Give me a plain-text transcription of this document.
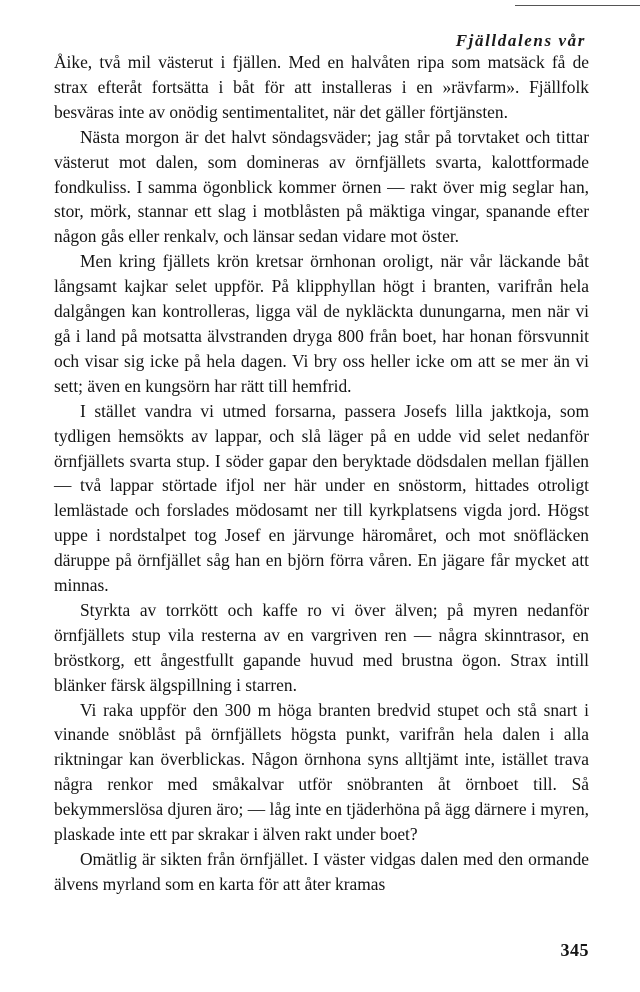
Fjälldalens vår

Åike, två mil västerut i fjällen. Med en halvåten ripa som matsäck få de strax efteråt fortsätta i båt för att installeras i en »rävfarm». Fjällfolk besväras inte av onödig sentimentalitet, när det gäller förtjänsten.

Nästa morgon är det halvt söndagsväder; jag står på torvtaket och tittar västerut mot dalen, som domineras av örnfjällets svarta, kalottformade fondkuliss. I samma ögonblick kommer örnen — rakt över mig seglar han, stor, mörk, stannar ett slag i motblåsten på mäktiga vingar, spanande efter någon gås eller renkalv, och länsar sedan vidare mot öster.

Men kring fjällets krön kretsar örnhonan oroligt, när vår läckande båt långsamt kajkar selet uppför. På klipphyllan högt i branten, varifrån hela dalgången kan kontrolleras, ligga väl de nykläckta dunungarna, men när vi gå i land på motsatta älvstranden dryga 800 från boet, har honan försvunnit och visar sig icke på hela dagen. Vi bry oss heller icke om att se mer än vi sett; även en kungsörn har rätt till hemfrid.

I stället vandra vi utmed forsarna, passera Josefs lilla jaktkoja, som tydligen hemsökts av lappar, och slå läger på en udde vid selet nedanför örnfjällets svarta stup. I söder gapar den beryktade dödsdalen mellan fjällen — två lappar störtade ifjol ner här under en snöstorm, hittades otroligt lemlästade och forslades mödosamt ner till kyrkplatsens vigda jord. Högst uppe i nordstalpet tog Josef en järvunge häromåret, och mot snöfläcken däruppe på örnfjället såg han en björn förra våren. En jägare får mycket att minnas.

Styrkta av torrkött och kaffe ro vi över älven; på myren nedanför örnfjällets stup vila resterna av en vargriven ren — några skinntrasor, en bröstkorg, ett ångestfullt gapande huvud med brustna ögon. Strax intill blänker färsk älgspillning i starren.

Vi raka uppför den 300 m höga branten bredvid stupet och stå snart i vinande snöblåst på örnfjällets högsta punkt, varifrån hela dalen i alla riktningar kan överblickas. Någon örnhona syns alltjämt inte, istället trava några renkor med småkalvar utför snöbranten åt örnboet till. Så bekymmerslösa djuren äro; — låg inte en tjäderhöna på ägg därnere i myren, plaskade inte ett par skrakar i älven rakt under boet?

Omätlig är sikten från örnfjället. I väster vidgas dalen med den ormande älvens myrland som en karta för att åter kramas

345
